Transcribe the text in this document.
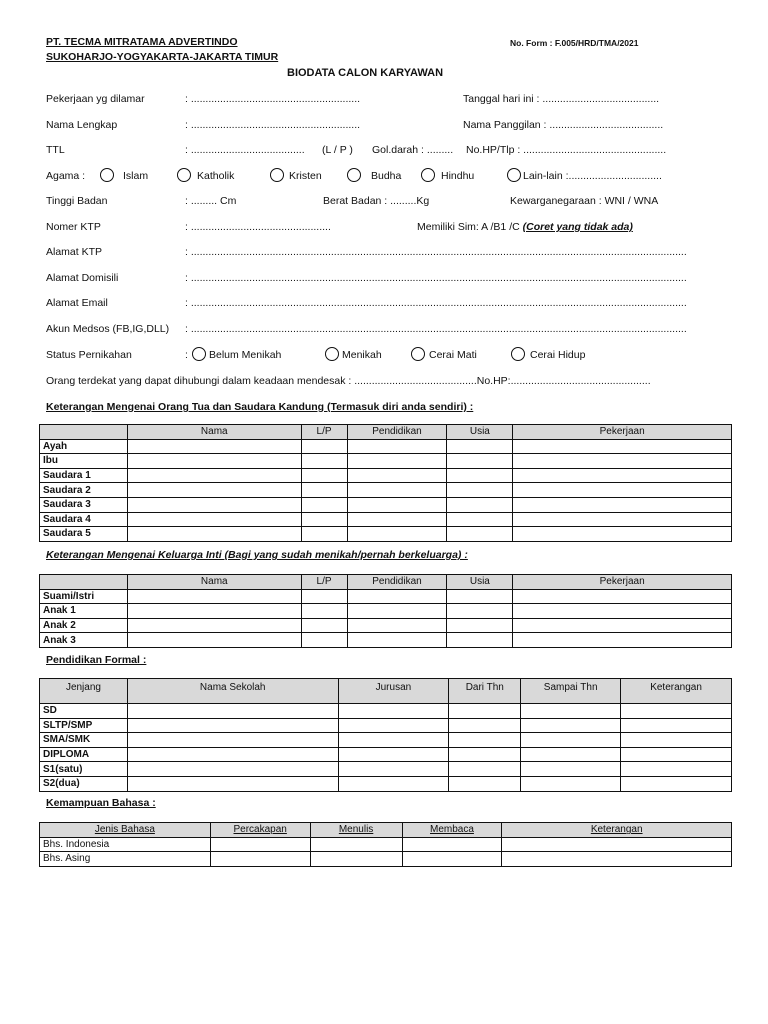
PT. TECMA MITRATAMA ADVERTINDO
SUKOHARJO-YOGYAKARTA-JAKARTA TIMUR
No. Form : F.005/HRD/TMA/2021
BIODATA CALON KARYAWAN
Pekerjaan yg dilamar	: ..........................................................	Tanggal hari ini : ........................................
Nama Lengkap	: ..........................................................	Nama Panggilan : .......................................
TTL	: ....................................... (L / P ) Gol.darah : ......... No.HP/Tlp : .................................................
Agama :	Islam	Katholik	Kristen	Budha	Hindhu	Lain-lain :................................
Tinggi Badan	: ......... Cm	Berat Badan : .........Kg	Kewarganegaraan : WNI / WNA
Nomer KTP	: ................................................	Memiliki Sim: A /B1 /C (Coret yang tidak ada)
Alamat KTP	: ..........................................................................................................................................................................
Alamat Domisili	: ..........................................................................................................................................................................
Alamat Email	: ..........................................................................................................................................................................
Akun Medsos (FB,IG,DLL) : ..........................................................................................................................................................................
Status Pernikahan	: Belum Menikah	Menikah	Cerai Mati	Cerai Hidup
Orang terdekat yang dapat dihubungi dalam keadaan mendesak : ..........................................No.HP:................................................
Keterangan Mengenai Orang Tua dan Saudara Kandung (Termasuk diri anda sendiri) :
	Nama	L/P	Pendidikan	Usia	Pekerjaan
Ayah					
Ibu					
Saudara 1					
Saudara 2					
Saudara 3					
Saudara 4					
Saudara 5					
Keterangan Mengenai Keluarga Inti (Bagi yang sudah menikah/pernah berkeluarga) :
	Nama	L/P	Pendidikan	Usia	Pekerjaan
Suami/Istri					
Anak 1					
Anak 2					
Anak 3					
Pendidikan Formal :
Jenjang	Nama Sekolah	Jurusan	Dari Thn	Sampai Thn	Keterangan
SD					
SLTP/SMP					
SMA/SMK					
DIPLOMA					
S1(satu)					
S2(dua)					
Kemampuan Bahasa :
Jenis Bahasa	Percakapan	Menulis	Membaca	Keterangan
Bhs. Indonesia				
Bhs. Asing				
